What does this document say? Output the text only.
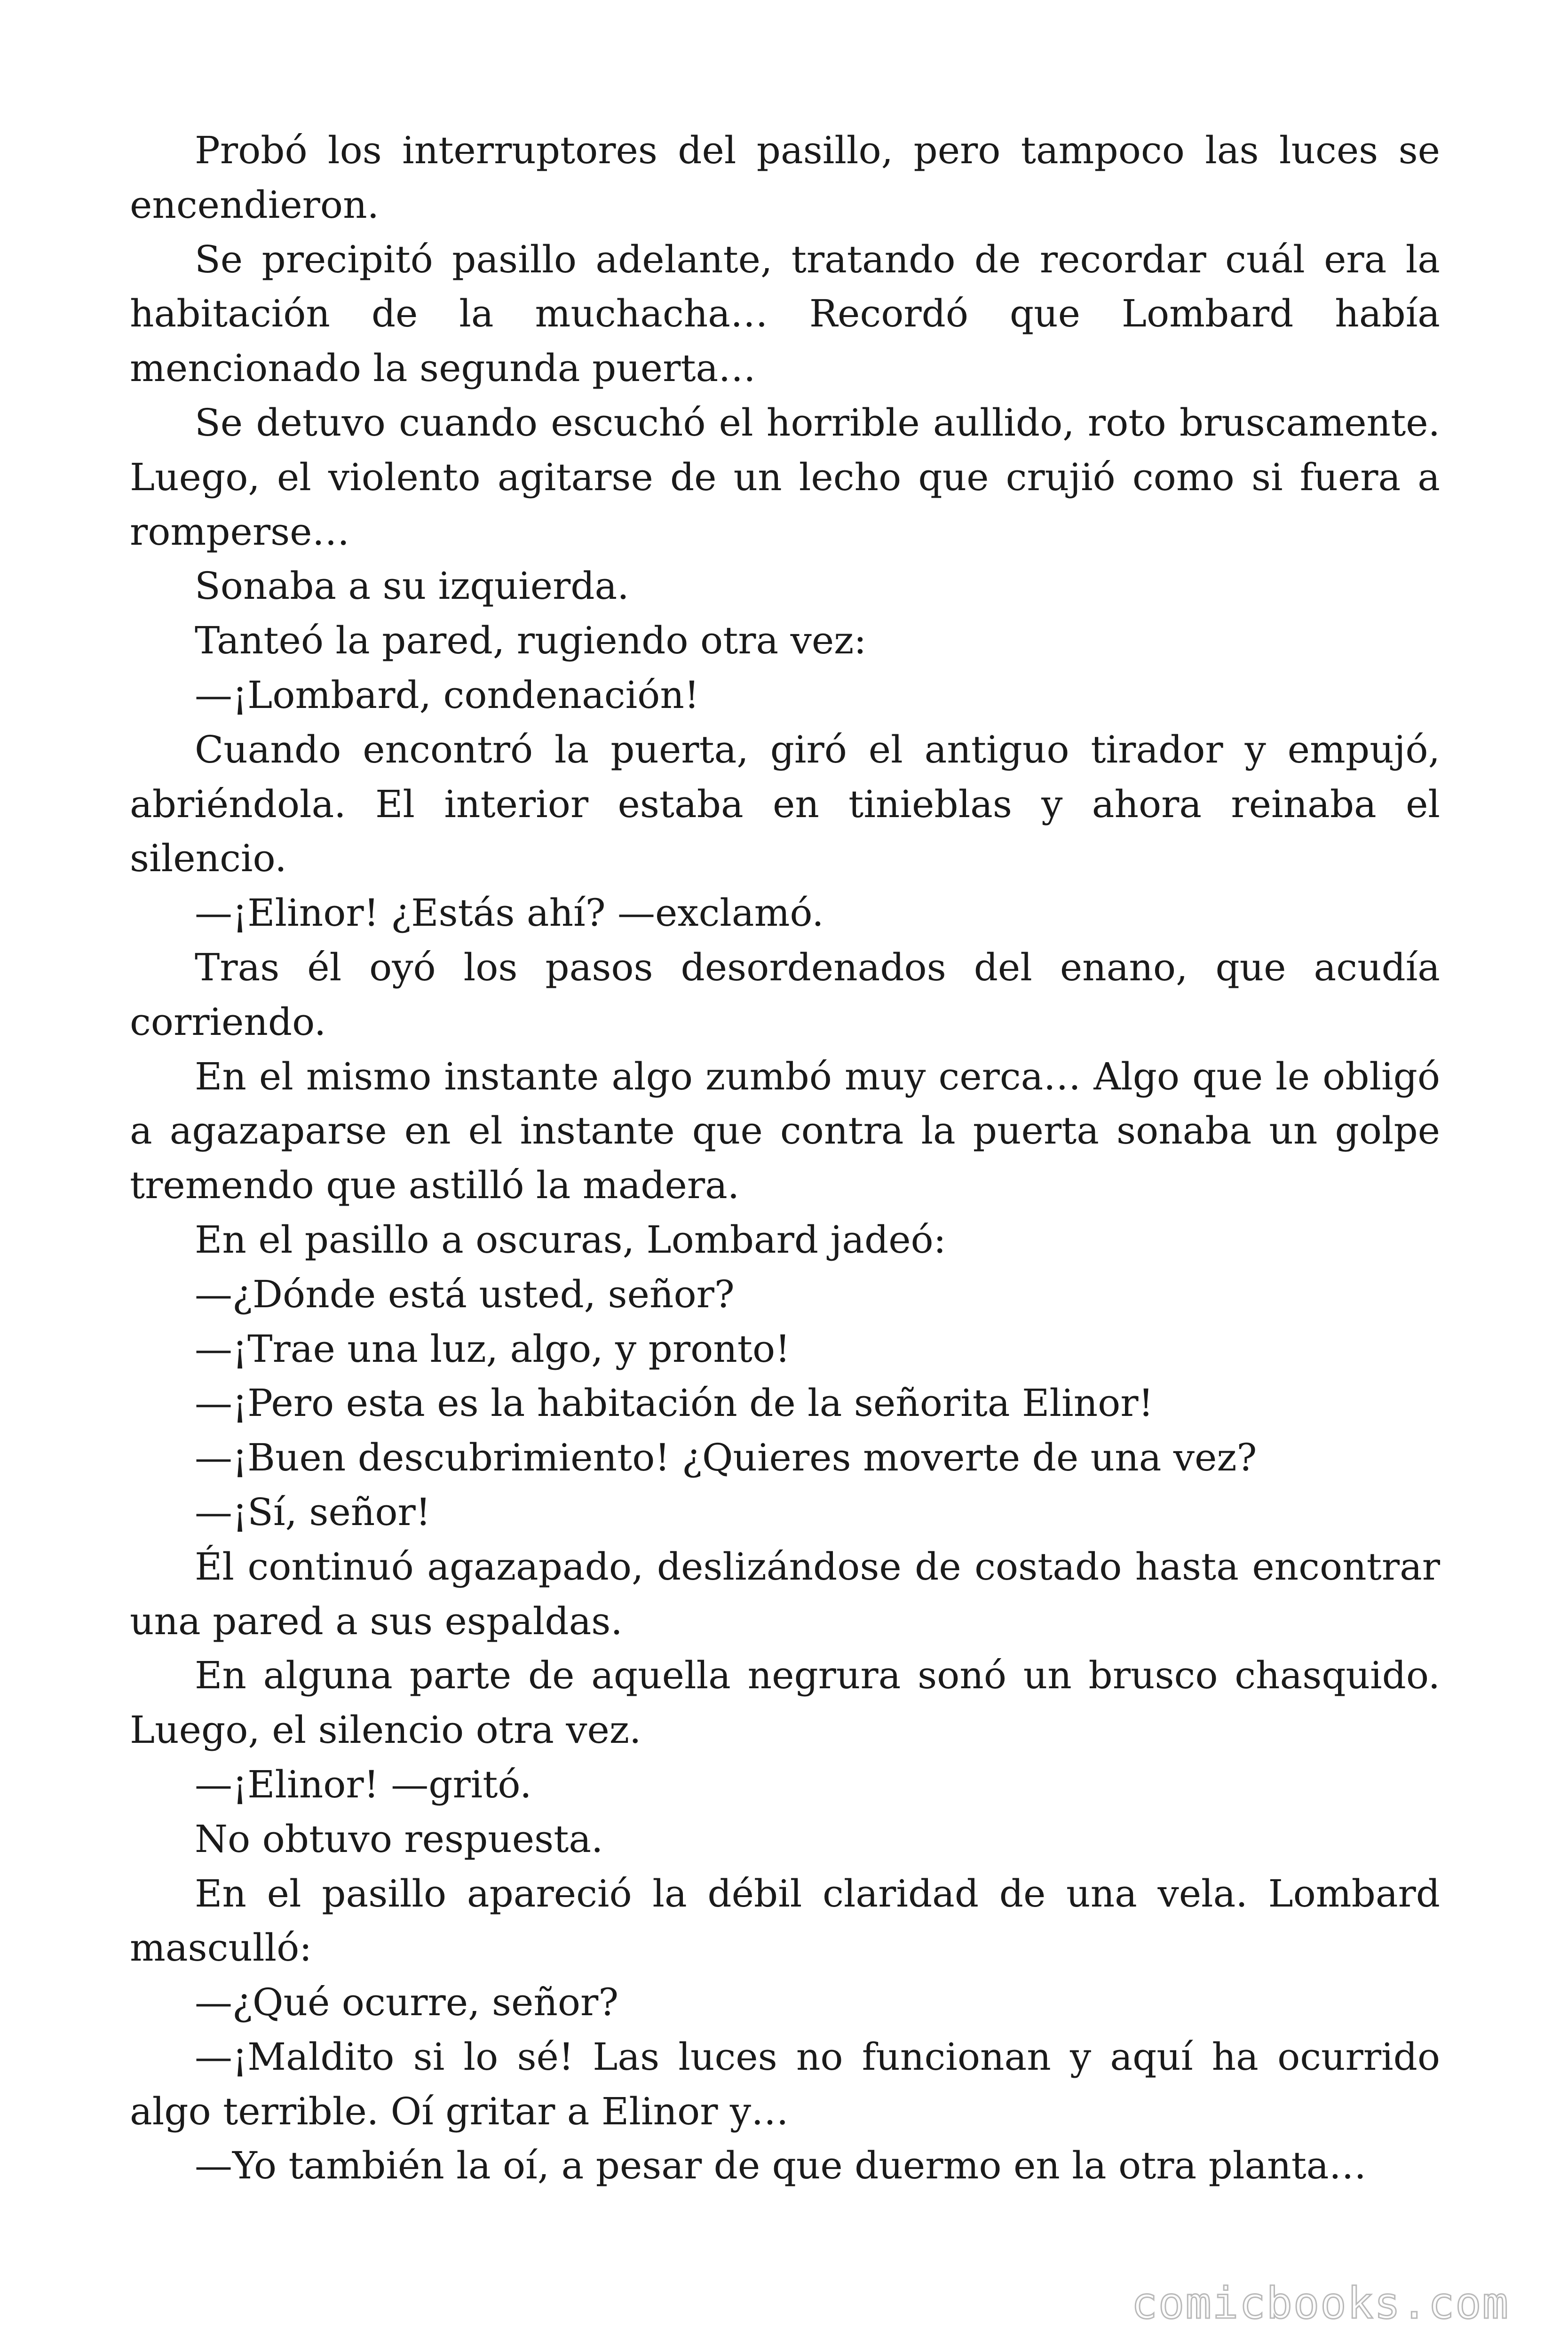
Probó los interruptores del pasillo, pero tampoco las luces se encendieron.

Se precipitó pasillo adelante, tratando de recordar cuál era la habitación de la muchacha… Recordó que Lombard había mencionado la segunda puerta…

Se detuvo cuando escuchó el horrible aullido, roto bruscamente. Luego, el violento agitarse de un lecho que crujió como si fuera a romperse…

Sonaba a su izquierda.

Tanteó la pared, rugiendo otra vez:

—¡Lombard, condenación!

Cuando encontró la puerta, giró el antiguo tirador y empujó, abriéndola. El interior estaba en tinieblas y ahora reinaba el silencio.

—¡Elinor! ¿Estás ahí? —exclamó.

Tras él oyó los pasos desordenados del enano, que acudía corriendo.

En el mismo instante algo zumbó muy cerca… Algo que le obligó a agazaparse en el instante que contra la puerta sonaba un golpe tremendo que astilló la madera.

En el pasillo a oscuras, Lombard jadeó:

—¿Dónde está usted, señor?

—¡Trae una luz, algo, y pronto!

—¡Pero esta es la habitación de la señorita Elinor!

—¡Buen descubrimiento! ¿Quieres moverte de una vez?

—¡Sí, señor!

Él continuó agazapado, deslizándose de costado hasta encontrar una pared a sus espaldas.

En alguna parte de aquella negrura sonó un brusco chasquido. Luego, el silencio otra vez.

—¡Elinor! —gritó.

No obtuvo respuesta.

En el pasillo apareció la débil claridad de una vela. Lombard masculló:

—¿Qué ocurre, señor?

—¡Maldito si lo sé! Las luces no funcionan y aquí ha ocurrido algo terrible. Oí gritar a Elinor y…

—Yo también la oí, a pesar de que duermo en la otra planta…

comicbooks.com
